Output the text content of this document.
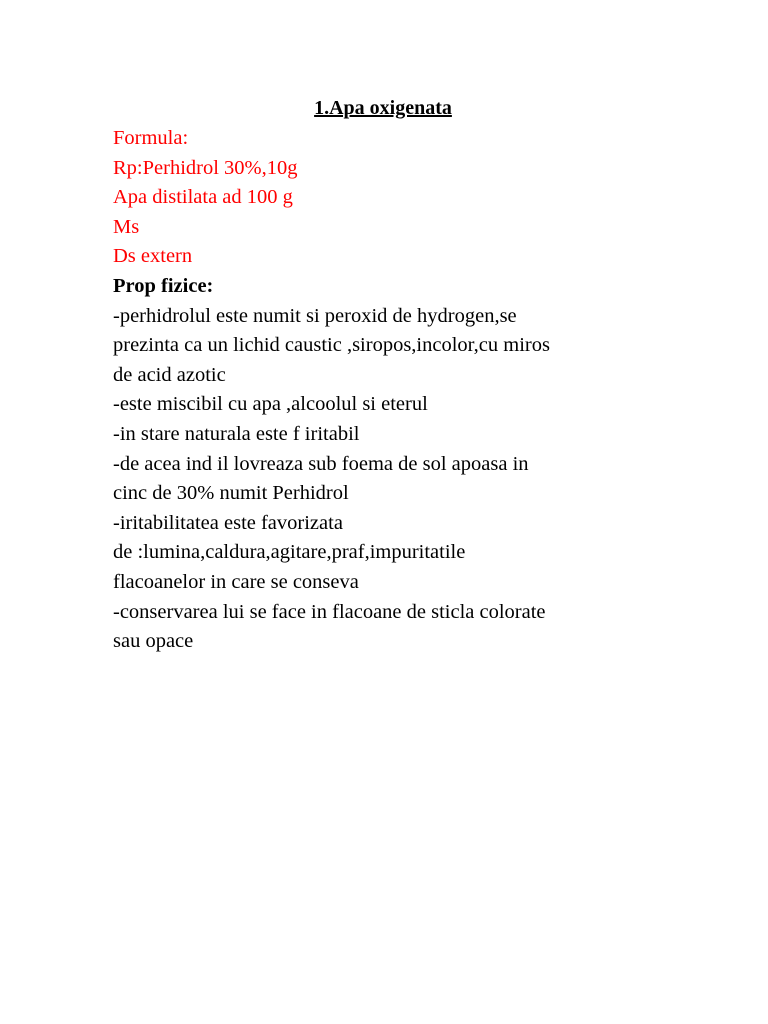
1.Apa oxigenata

Formula:

Rp:Perhidrol 30%,10g

Apa distilata ad 100 g

Ms

Ds extern

Prop fizice:

-perhidrolul este numit si peroxid de hydrogen,se

prezinta ca un lichid caustic ,siropos,incolor,cu miros

de acid azotic

-este miscibil cu apa ,alcoolul si eterul

-in stare naturala este f iritabil

-de acea ind il lovreaza sub foema de sol apoasa in

cinc de 30% numit Perhidrol

-iritabilitatea este favorizata

de :lumina,caldura,agitare,praf,impuritatile

flacoanelor in care se conseva

-conservarea lui se face in flacoane de sticla colorate

sau opace
